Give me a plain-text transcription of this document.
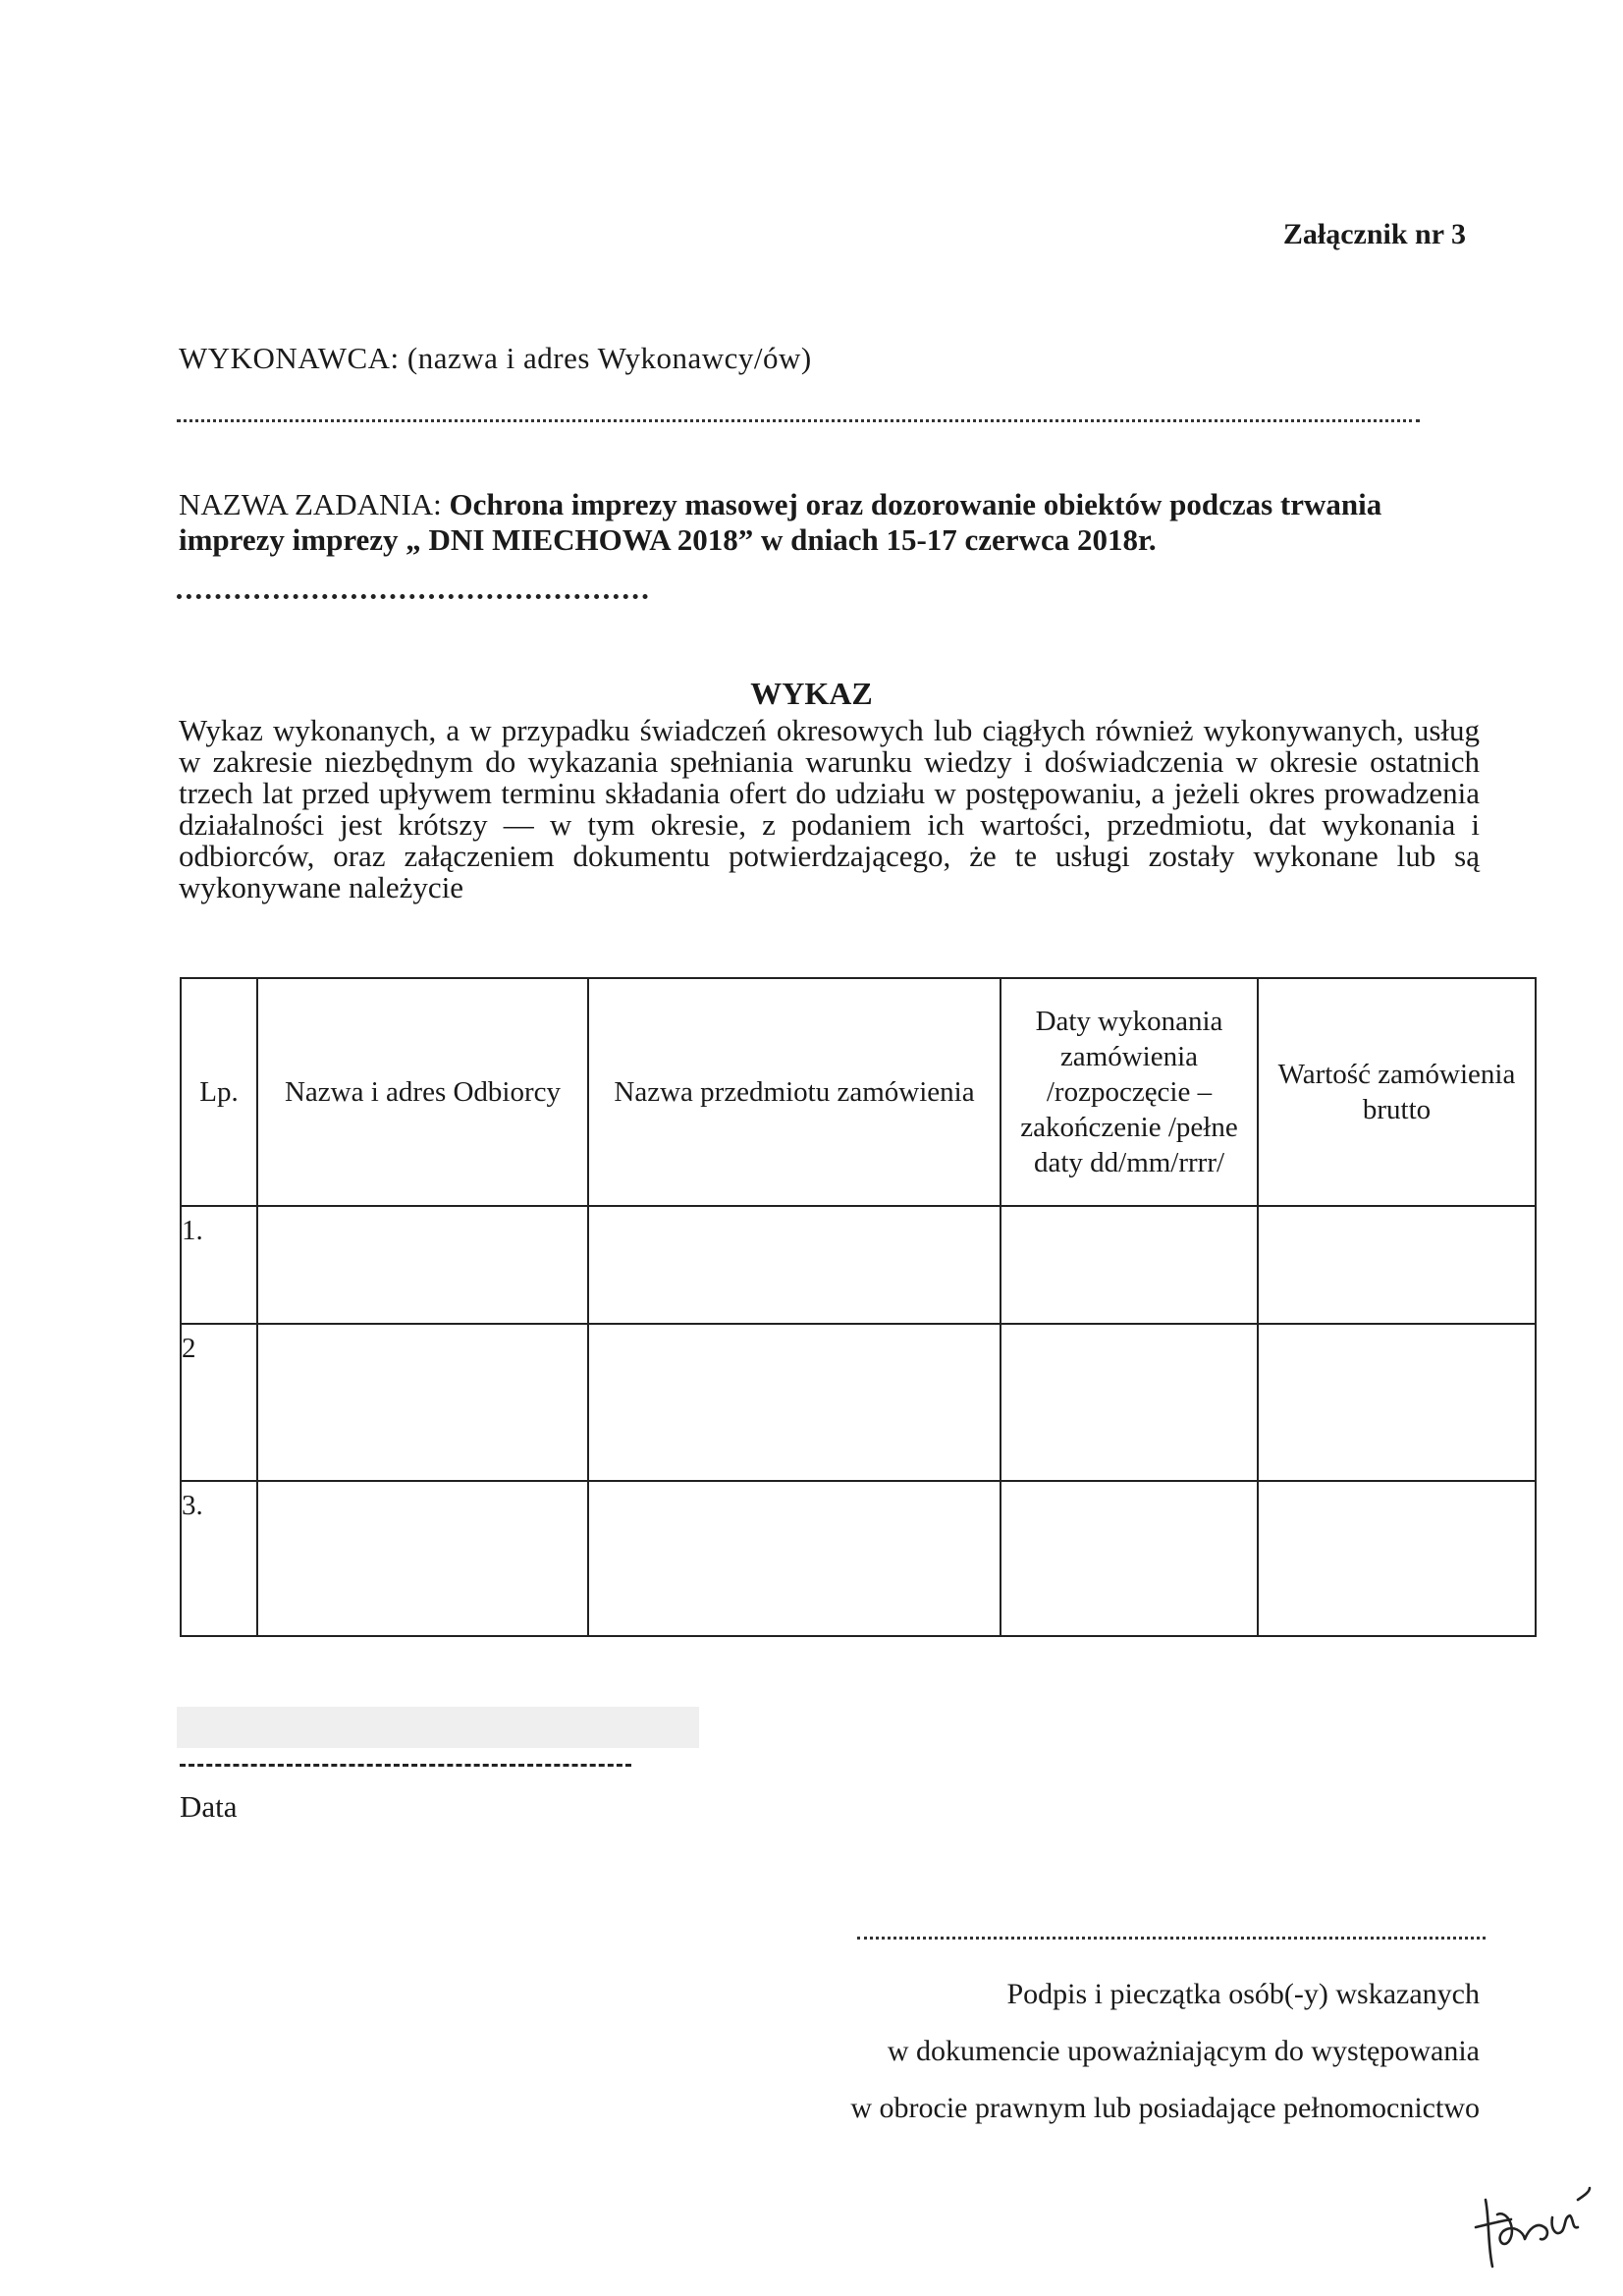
Załącznik nr 3
WYKONAWCA: (nazwa i adres Wykonawcy/ów)
NAZWA ZADANIA: Ochrona imprezy masowej oraz dozorowanie obiektów podczas trwania imprezy imprezy „ DNI MIECHOWA 2018” w dniach 15-17 czerwca 2018r.
WYKAZ
Wykaz wykonanych, a w przypadku świadczeń okresowych lub ciągłych również wykonywanych, usług w zakresie niezbędnym do wykazania spełniania warunku wiedzy i doświadczenia w okresie ostatnich trzech lat przed upływem terminu składania ofert do udziału w postępowaniu, a jeżeli okres prowadzenia działalności jest krótszy — w tym okresie, z podaniem ich wartości, przedmiotu, dat wykonania i odbiorców, oraz załączeniem dokumentu potwierdzającego, że te usługi zostały wykonane lub są wykonywane należycie
Lp.	Nazwa i adres Odbiorcy	Nazwa przedmiotu zamówienia	Daty wykonania zamówienia /rozpoczęcie – zakończenie /pełne daty dd/mm/rrrr/	Wartość zamówienia brutto
1.				
2				
3.				
Data
Podpis i pieczątka osób(-y) wskazanych
w dokumencie upoważniającym do występowania
w obrocie prawnym lub posiadające pełnomocnictwo
